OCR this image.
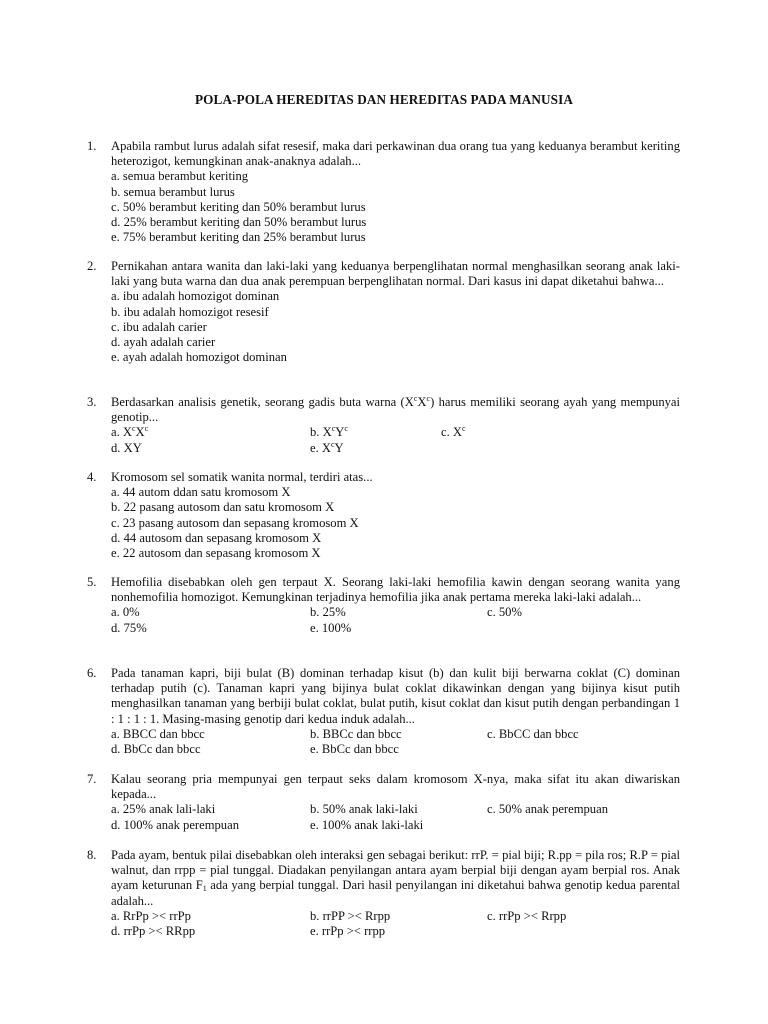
POLA-POLA HEREDITAS DAN HEREDITAS PADA MANUSIA
1.	Apabila rambut lurus adalah sifat resesif, maka dari perkawinan dua orang tua yang keduanya berambut keriting heterozigot, kemungkinan anak-anaknya adalah...
a. semua berambut keriting
b. semua berambut lurus
c. 50% berambut keriting dan 50% berambut lurus
d. 25% berambut keriting dan 50% berambut lurus
e. 75% berambut keriting dan 25% berambut lurus
2.	Pernikahan antara wanita dan laki-laki yang keduanya berpenglihatan normal menghasilkan seorang anak laki-laki yang buta warna dan dua anak perempuan berpenglihatan normal. Dari kasus ini dapat diketahui bahwa...
a. ibu adalah homozigot dominan
b. ibu adalah homozigot resesif
c. ibu adalah carier
d. ayah adalah carier
e. ayah adalah homozigot dominan
3.	Berdasarkan analisis genetik, seorang gadis buta warna $(X^cX^c)$ harus memiliki seorang ayah yang mempunyai genotip...
a. $X^cX^c$	b. $X^cY^c$	c. $X^c$
d. XY	e. $X^cY$
4.	Kromosom sel somatik wanita normal, terdiri atas...
a. 44 autom ddan satu kromosom X
b. 22 pasang autosom dan satu kromosom X
c. 23 pasang autosom dan sepasang kromosom X
d. 44 autosom dan sepasang kromosom X
e. 22 autosom dan sepasang kromosom X
5.	Hemofilia disebabkan oleh gen terpaut X. Seorang laki-laki hemofilia kawin dengan seorang wanita yang nonhemofilia homozigot. Kemungkinan terjadinya hemofilia jika anak pertama mereka laki-laki adalah...
a. 0%	b. 25%	c. 50%
d. 75%	e. 100%
6.	Pada tanaman kapri, biji bulat (B) dominan terhadap kisut (b) dan kulit biji berwarna coklat (C) dominan terhadap putih (c). Tanaman kapri yang bijinya bulat coklat dikawinkan dengan yang bijinya kisut putih menghasilkan tanaman yang berbiji bulat coklat, bulat putih, kisut coklat dan kisut putih dengan perbandingan 1 : 1 : 1 : 1. Masing-masing genotip dari kedua induk adalah...
a. BBCC dan bbcc	b. BBCc dan bbcc	c. BbCC dan bbcc
d. BbCc dan bbcc	e. BbCc dan bbcc
7.	Kalau seorang pria mempunyai gen terpaut seks dalam kromosom X-nya, maka sifat itu akan diwariskan kepada...
a. 25% anak lali-laki	b. 50% anak laki-laki	c. 50% anak perempuan
d. 100% anak perempuan	e. 100% anak laki-laki
8.	Pada ayam, bentuk pilai disebabkan oleh interaksi gen sebagai berikut: rrP. = pial biji; R.pp = pila ros; R.P = pial walnut, dan rrpp = pial tunggal. Diadakan penyilangan antara ayam berpial biji dengan ayam berpial ros. Anak ayam keturunan $F_1$ ada yang berpial tunggal. Dari hasil penyilangan ini diketahui bahwa genotip kedua parental adalah...
a. RrPp >< rrPp	b. rrPP >< Rrpp	c. rrPp >< Rrpp
d. rrPp >< RRpp	e. rrPp >< rrpp
